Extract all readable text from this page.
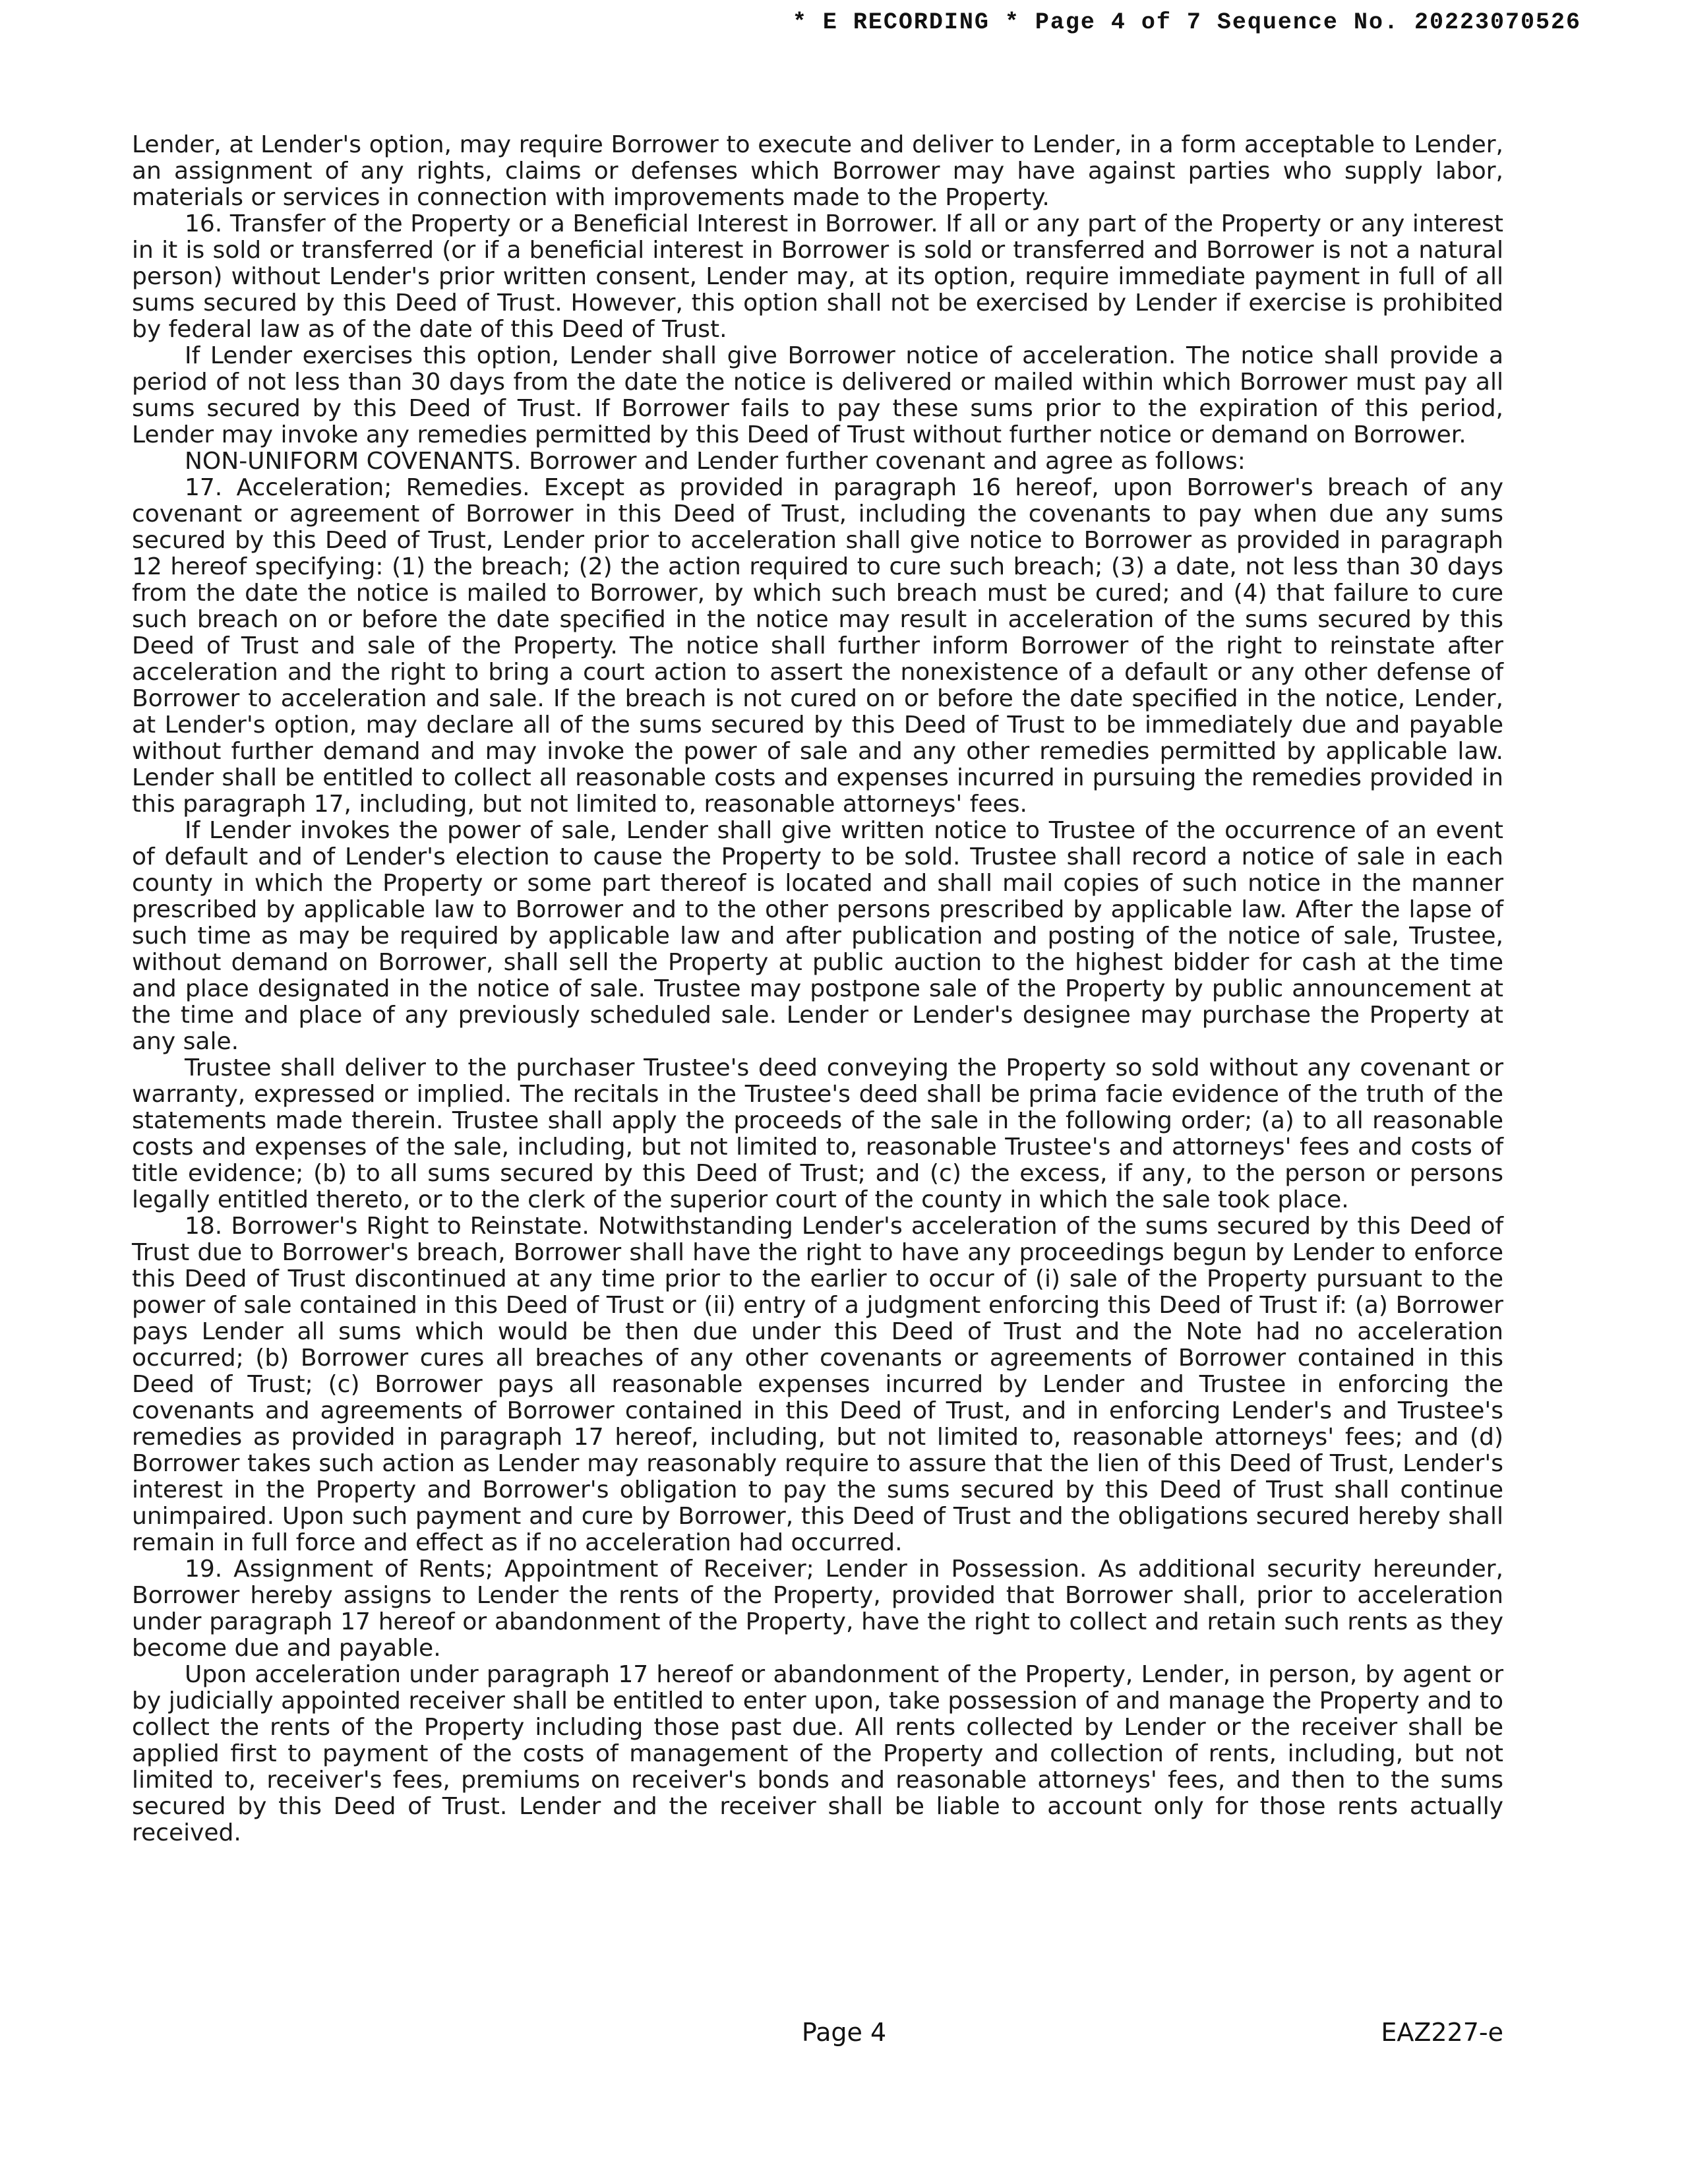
* E RECORDING * Page 4 of 7 Sequence No. 20223070526

Lender, at Lender's option, may require Borrower to execute and deliver to Lender, in a form acceptable to Lender, an assignment of any rights, claims or defenses which Borrower may have against parties who supply labor, materials or services in connection with improvements made to the Property.

16. Transfer of the Property or a Beneficial Interest in Borrower. If all or any part of the Property or any interest in it is sold or transferred (or if a beneficial interest in Borrower is sold or transferred and Borrower is not a natural person) without Lender's prior written consent, Lender may, at its option, require immediate payment in full of all sums secured by this Deed of Trust. However, this option shall not be exercised by Lender if exercise is prohibited by federal law as of the date of this Deed of Trust.

If Lender exercises this option, Lender shall give Borrower notice of acceleration. The notice shall provide a period of not less than 30 days from the date the notice is delivered or mailed within which Borrower must pay all sums secured by this Deed of Trust. If Borrower fails to pay these sums prior to the expiration of this period, Lender may invoke any remedies permitted by this Deed of Trust without further notice or demand on Borrower.

NON-UNIFORM COVENANTS. Borrower and Lender further covenant and agree as follows:

17. Acceleration; Remedies. Except as provided in paragraph 16 hereof, upon Borrower's breach of any covenant or agreement of Borrower in this Deed of Trust, including the covenants to pay when due any sums secured by this Deed of Trust, Lender prior to acceleration shall give notice to Borrower as provided in paragraph 12 hereof specifying: (1) the breach; (2) the action required to cure such breach; (3) a date, not less than 30 days from the date the notice is mailed to Borrower, by which such breach must be cured; and (4) that failure to cure such breach on or before the date specified in the notice may result in acceleration of the sums secured by this Deed of Trust and sale of the Property. The notice shall further inform Borrower of the right to reinstate after acceleration and the right to bring a court action to assert the nonexistence of a default or any other defense of Borrower to acceleration and sale. If the breach is not cured on or before the date specified in the notice, Lender, at Lender's option, may declare all of the sums secured by this Deed of Trust to be immediately due and payable without further demand and may invoke the power of sale and any other remedies permitted by applicable law. Lender shall be entitled to collect all reasonable costs and expenses incurred in pursuing the remedies provided in this paragraph 17, including, but not limited to, reasonable attorneys' fees.

If Lender invokes the power of sale, Lender shall give written notice to Trustee of the occurrence of an event of default and of Lender's election to cause the Property to be sold. Trustee shall record a notice of sale in each county in which the Property or some part thereof is located and shall mail copies of such notice in the manner prescribed by applicable law to Borrower and to the other persons prescribed by applicable law. After the lapse of such time as may be required by applicable law and after publication and posting of the notice of sale, Trustee, without demand on Borrower, shall sell the Property at public auction to the highest bidder for cash at the time and place designated in the notice of sale. Trustee may postpone sale of the Property by public announcement at the time and place of any previously scheduled sale. Lender or Lender's designee may purchase the Property at any sale.

Trustee shall deliver to the purchaser Trustee's deed conveying the Property so sold without any covenant or warranty, expressed or implied. The recitals in the Trustee's deed shall be prima facie evidence of the truth of the statements made therein. Trustee shall apply the proceeds of the sale in the following order; (a) to all reasonable costs and expenses of the sale, including, but not limited to, reasonable Trustee's and attorneys' fees and costs of title evidence; (b) to all sums secured by this Deed of Trust; and (c) the excess, if any, to the person or persons legally entitled thereto, or to the clerk of the superior court of the county in which the sale took place.

18. Borrower's Right to Reinstate. Notwithstanding Lender's acceleration of the sums secured by this Deed of Trust due to Borrower's breach, Borrower shall have the right to have any proceedings begun by Lender to enforce this Deed of Trust discontinued at any time prior to the earlier to occur of (i) sale of the Property pursuant to the power of sale contained in this Deed of Trust or (ii) entry of a judgment enforcing this Deed of Trust if: (a) Borrower pays Lender all sums which would be then due under this Deed of Trust and the Note had no acceleration occurred; (b) Borrower cures all breaches of any other covenants or agreements of Borrower contained in this Deed of Trust; (c) Borrower pays all reasonable expenses incurred by Lender and Trustee in enforcing the covenants and agreements of Borrower contained in this Deed of Trust, and in enforcing Lender's and Trustee's remedies as provided in paragraph 17 hereof, including, but not limited to, reasonable attorneys' fees; and (d) Borrower takes such action as Lender may reasonably require to assure that the lien of this Deed of Trust, Lender's interest in the Property and Borrower's obligation to pay the sums secured by this Deed of Trust shall continue unimpaired. Upon such payment and cure by Borrower, this Deed of Trust and the obligations secured hereby shall remain in full force and effect as if no acceleration had occurred.

19. Assignment of Rents; Appointment of Receiver; Lender in Possession. As additional security hereunder, Borrower hereby assigns to Lender the rents of the Property, provided that Borrower shall, prior to acceleration under paragraph 17 hereof or abandonment of the Property, have the right to collect and retain such rents as they become due and payable.

Upon acceleration under paragraph 17 hereof or abandonment of the Property, Lender, in person, by agent or by judicially appointed receiver shall be entitled to enter upon, take possession of and manage the Property and to collect the rents of the Property including those past due. All rents collected by Lender or the receiver shall be applied first to payment of the costs of management of the Property and collection of rents, including, but not limited to, receiver's fees, premiums on receiver's bonds and reasonable attorneys' fees, and then to the sums secured by this Deed of Trust. Lender and the receiver shall be liable to account only for those rents actually received.

Page 4	EAZ227-e
